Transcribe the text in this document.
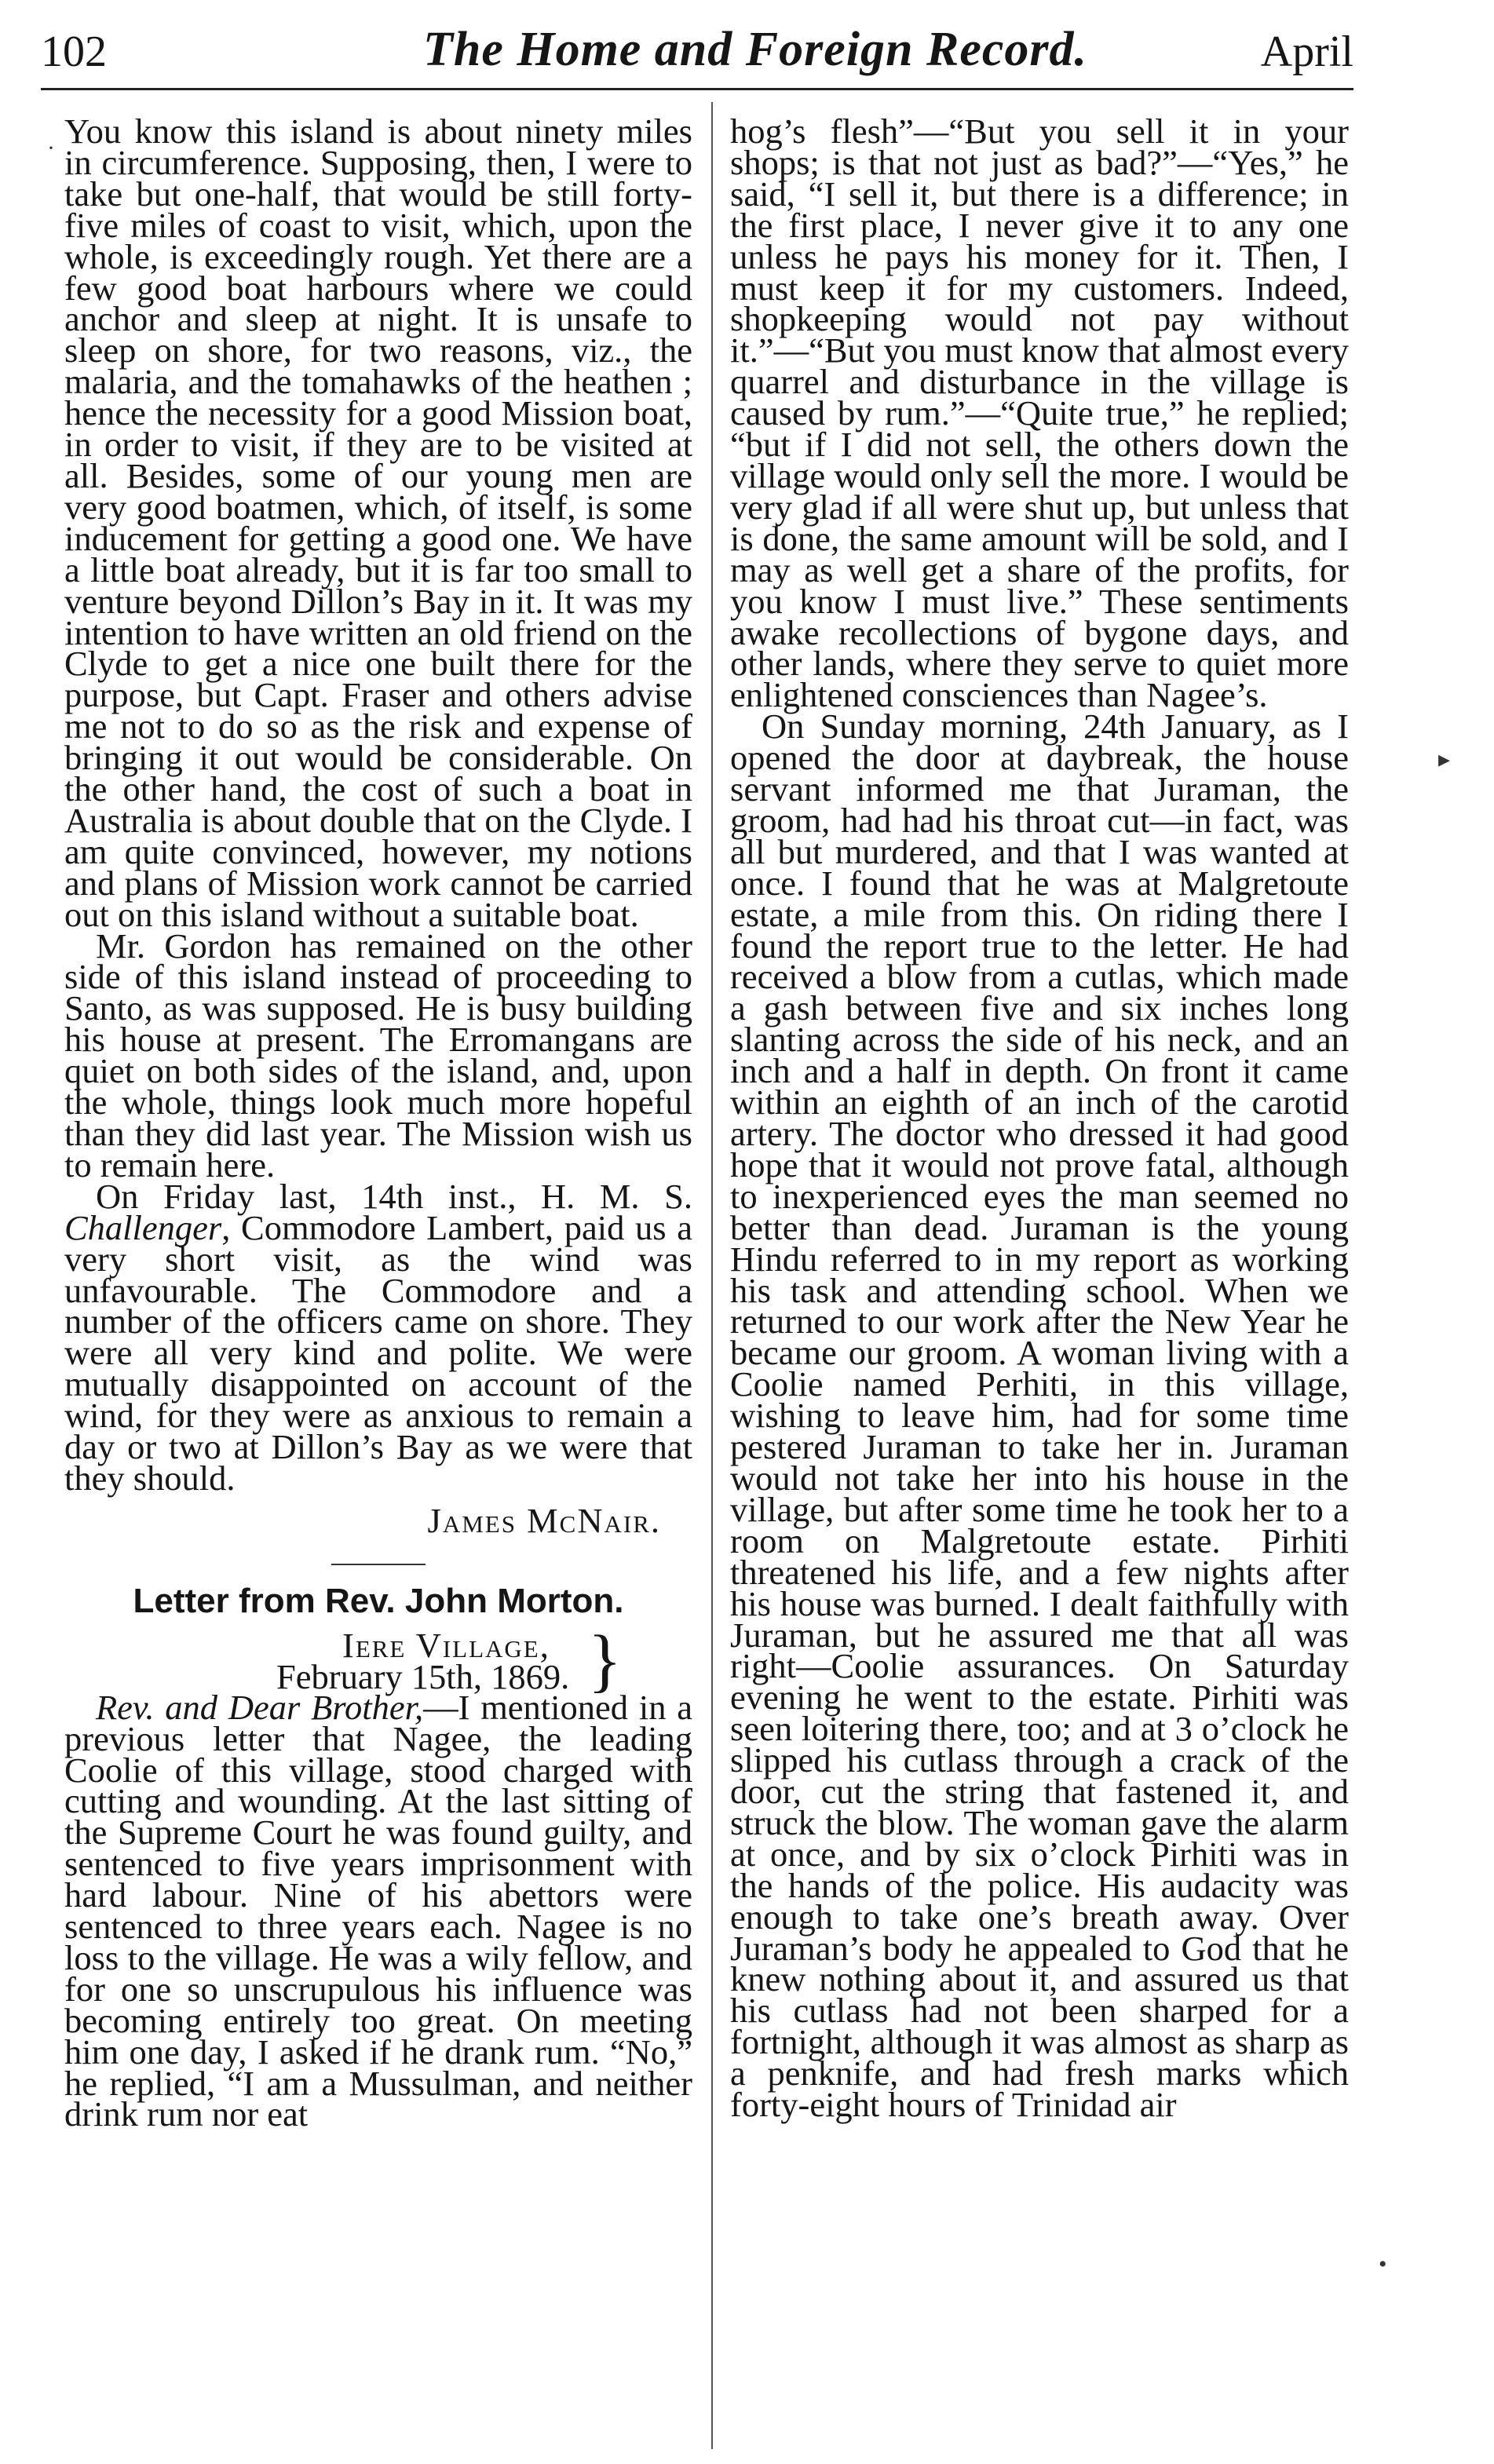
102	The Home and Foreign Record.	April
·
▸
•

You know this island is about ninety miles in circumference. Supposing, then, I were to take but one-half, that would be still forty-five miles of coast to visit, which, upon the whole, is exceedingly rough. Yet there are a few good boat harbours where we could anchor and sleep at night. It is unsafe to sleep on shore, for two reasons, viz., the malaria, and the tomahawks of the heathen ; hence the necessity for a good Mission boat, in order to visit, if they are to be visited at all. Besides, some of our young men are very good boatmen, which, of itself, is some inducement for getting a good one. We have a little boat already, but it is far too small to venture beyond Dillon’s Bay in it. It was my intention to have written an old friend on the Clyde to get a nice one built there for the purpose, but Capt. Fraser and others advise me not to do so as the risk and expense of bringing it out would be considerable. On the other hand, the cost of such a boat in Australia is about double that on the Clyde. I am quite convinced, however, my notions and plans of Mission work cannot be carried out on this island without a suitable boat.

Mr. Gordon has remained on the other side of this island instead of proceeding to Santo, as was supposed. He is busy building his house at present. The Erromangans are quiet on both sides of the island, and, upon the whole, things look much more hopeful than they did last year. The Mission wish us to remain here.

On Friday last, 14th inst., H. M. S. Challenger, Commodore Lambert, paid us a very short visit, as the wind was unfavourable. The Commodore and a number of the officers came on shore. They were all very kind and polite. We were mutually disappointed on account of the wind, for they were as anxious to remain a day or two at Dillon’s Bay as we were that they should.

James McNair.
Letter from Rev. John Morton.
Iere Village,
February 15th, 1869. }

Rev. and Dear Brother,—I mentioned in a previous letter that Nagee, the leading Coolie of this village, stood charged with cutting and wounding. At the last sitting of the Supreme Court he was found guilty, and sentenced to five years imprisonment with hard labour. Nine of his abettors were sentenced to three years each. Nagee is no loss to the village. He was a wily fellow, and for one so unscrupulous his influence was becoming entirely too great. On meeting him one day, I asked if he drank rum. “No,” he replied, “I am a Mussulman, and neither drink rum nor eat

hog’s flesh”—“But you sell it in your shops; is that not just as bad?”—“Yes,” he said, “I sell it, but there is a difference; in the first place, I never give it to any one unless he pays his money for it. Then, I must keep it for my customers. Indeed, shopkeeping would not pay without it.”—“But you must know that almost every quarrel and disturbance in the village is caused by rum.”—“Quite true,” he replied; “but if I did not sell, the others down the village would only sell the more. I would be very glad if all were shut up, but unless that is done, the same amount will be sold, and I may as well get a share of the profits, for you know I must live.” These sentiments awake recollections of bygone days, and other lands, where they serve to quiet more enlightened consciences than Nagee’s.

On Sunday morning, 24th January, as I opened the door at daybreak, the house servant informed me that Juraman, the groom, had had his throat cut—in fact, was all but murdered, and that I was wanted at once. I found that he was at Malgretoute estate, a mile from this. On riding there I found the report true to the letter. He had received a blow from a cutlas, which made a gash between five and six inches long slanting across the side of his neck, and an inch and a half in depth. On front it came within an eighth of an inch of the carotid artery. The doctor who dressed it had good hope that it would not prove fatal, although to inexperienced eyes the man seemed no better than dead. Juraman is the young Hindu referred to in my report as working his task and attending school. When we returned to our work after the New Year he became our groom. A woman living with a Coolie named Perhiti, in this village, wishing to leave him, had for some time pestered Juraman to take her in. Juraman would not take her into his house in the village, but after some time he took her to a room on Malgretoute estate. Pirhiti threatened his life, and a few nights after his house was burned. I dealt faithfully with Juraman, but he assured me that all was right—Coolie assurances. On Saturday evening he went to the estate. Pirhiti was seen loitering there, too; and at 3 o’clock he slipped his cutlass through a crack of the door, cut the string that fastened it, and struck the blow. The woman gave the alarm at once, and by six o’clock Pirhiti was in the hands of the police. His audacity was enough to take one’s breath away. Over Juraman’s body he appealed to God that he knew nothing about it, and assured us that his cutlass had not been sharped for a fortnight, although it was almost as sharp as a penknife, and had fresh marks which forty-eight hours of Trinidad air
